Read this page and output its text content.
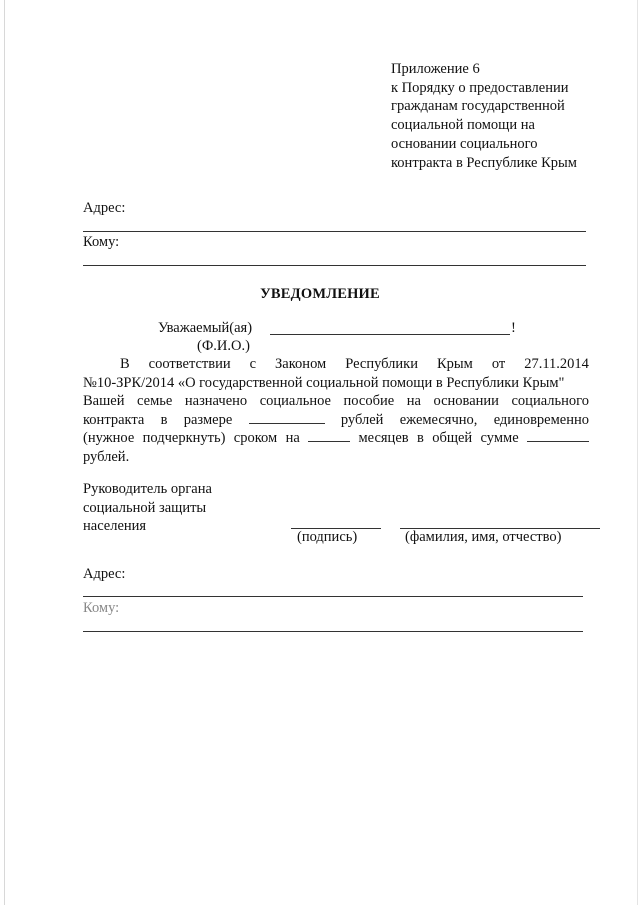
Приложение 6
к Порядку о предоставлении
гражданам государственной
социальной помощи на
основании социального
контракта в Республике Крым
Адрес:
Кому:
УВЕДОМЛЕНИЕ
Уважаемый(ая)	!
(Ф.И.О.)
В соответствии с Законом Республики Крым от 27.11.2014
№10-ЗРК/2014 «О государственной социальной помощи в Республики Крым"
Вашей семье назначено социальное пособие на основании социального
контракта в размере	рублей ежемесячно, единовременно
(нужное подчеркнуть) сроком на	месяцев в общей сумме
рублей.
Руководитель органа
социальной защиты
населения
(подпись)	(фамилия, имя, отчество)
Адрес:
Кому:
